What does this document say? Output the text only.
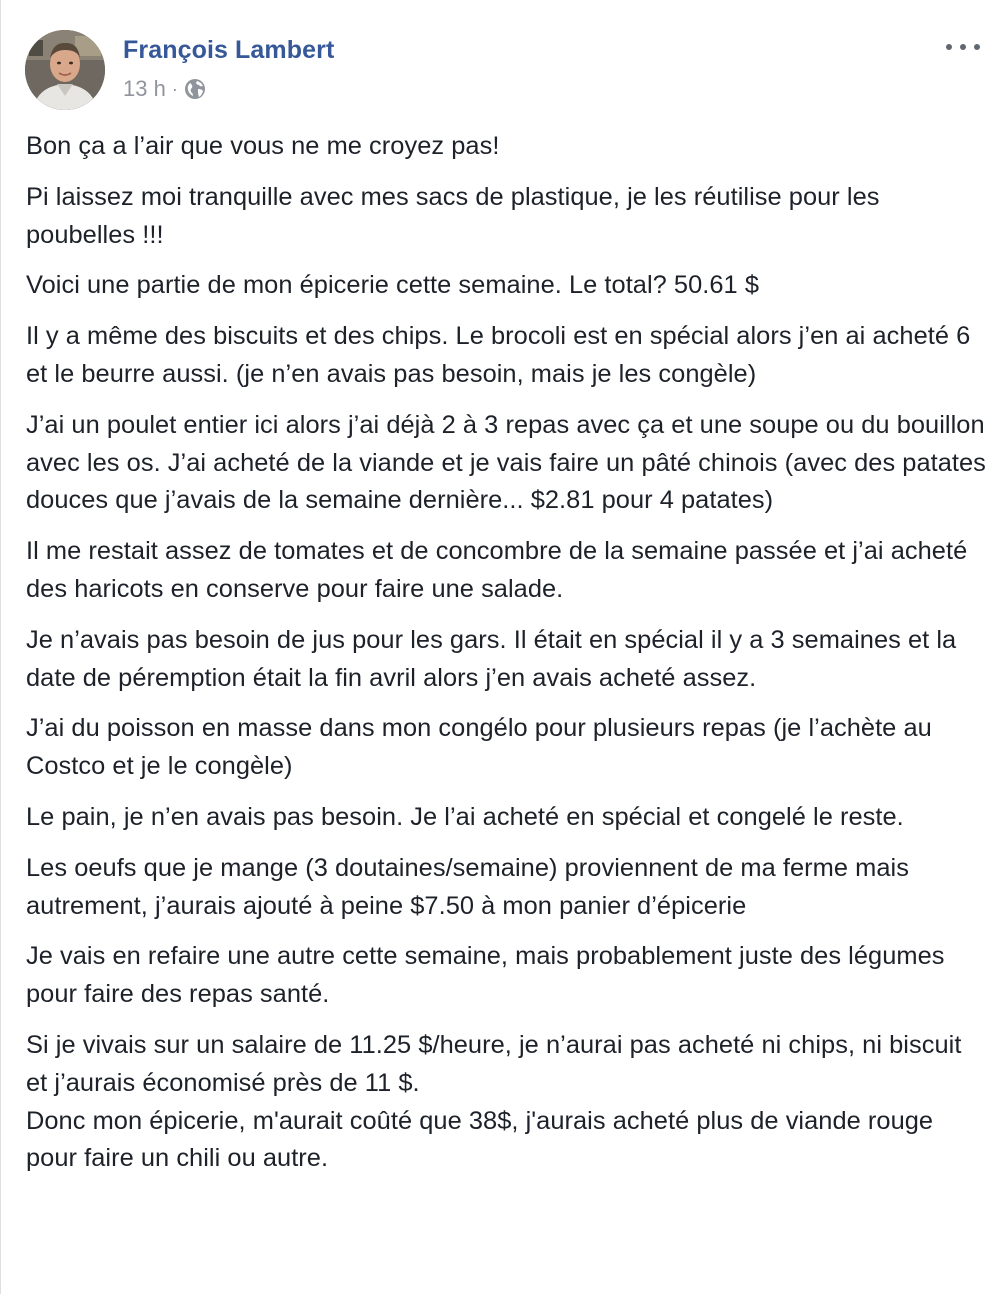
François Lambert
13 h ·

Bon ça a l’air que vous ne me croyez pas!

Pi laissez moi tranquille avec mes sacs de plastique, je les réutilise pour les poubelles !!!

Voici une partie de mon épicerie cette semaine. Le total? 50.61 $

Il y a même des biscuits et des chips. Le brocoli est en spécial alors j’en ai acheté 6 et le beurre aussi. (je n’en avais pas besoin, mais je les congèle)

J’ai un poulet entier ici alors j’ai déjà 2 à 3 repas avec ça et une soupe ou du bouillon avec les os. J’ai acheté de la viande et je vais faire un pâté chinois (avec des patates douces que j’avais de la semaine dernière... $2.81 pour 4 patates)

Il me restait assez de tomates et de concombre de la semaine passée et j’ai acheté des haricots en conserve pour faire une salade.

Je n’avais pas besoin de jus pour les gars. Il était en spécial il y a 3 semaines et la date de péremption était la fin avril alors j’en avais acheté assez.

J’ai du poisson en masse dans mon congélo pour plusieurs repas (je l’achète au Costco et je le congèle)

Le pain, je n’en avais pas besoin. Je l’ai acheté en spécial et congelé le reste.

Les oeufs que je mange (3 doutaines/semaine) proviennent de ma ferme mais autrement, j’aurais ajouté à peine $7.50 à mon panier d’épicerie

Je vais en refaire une autre cette semaine, mais probablement juste des légumes pour faire des repas santé.

Si je vivais sur un salaire de 11.25 $/heure, je n’aurai pas acheté ni chips, ni biscuit et j’aurais économisé près de 11 $.

Donc mon épicerie, m'aurait coûté que 38$, j'aurais acheté plus de viande rouge pour faire un chili ou autre.
